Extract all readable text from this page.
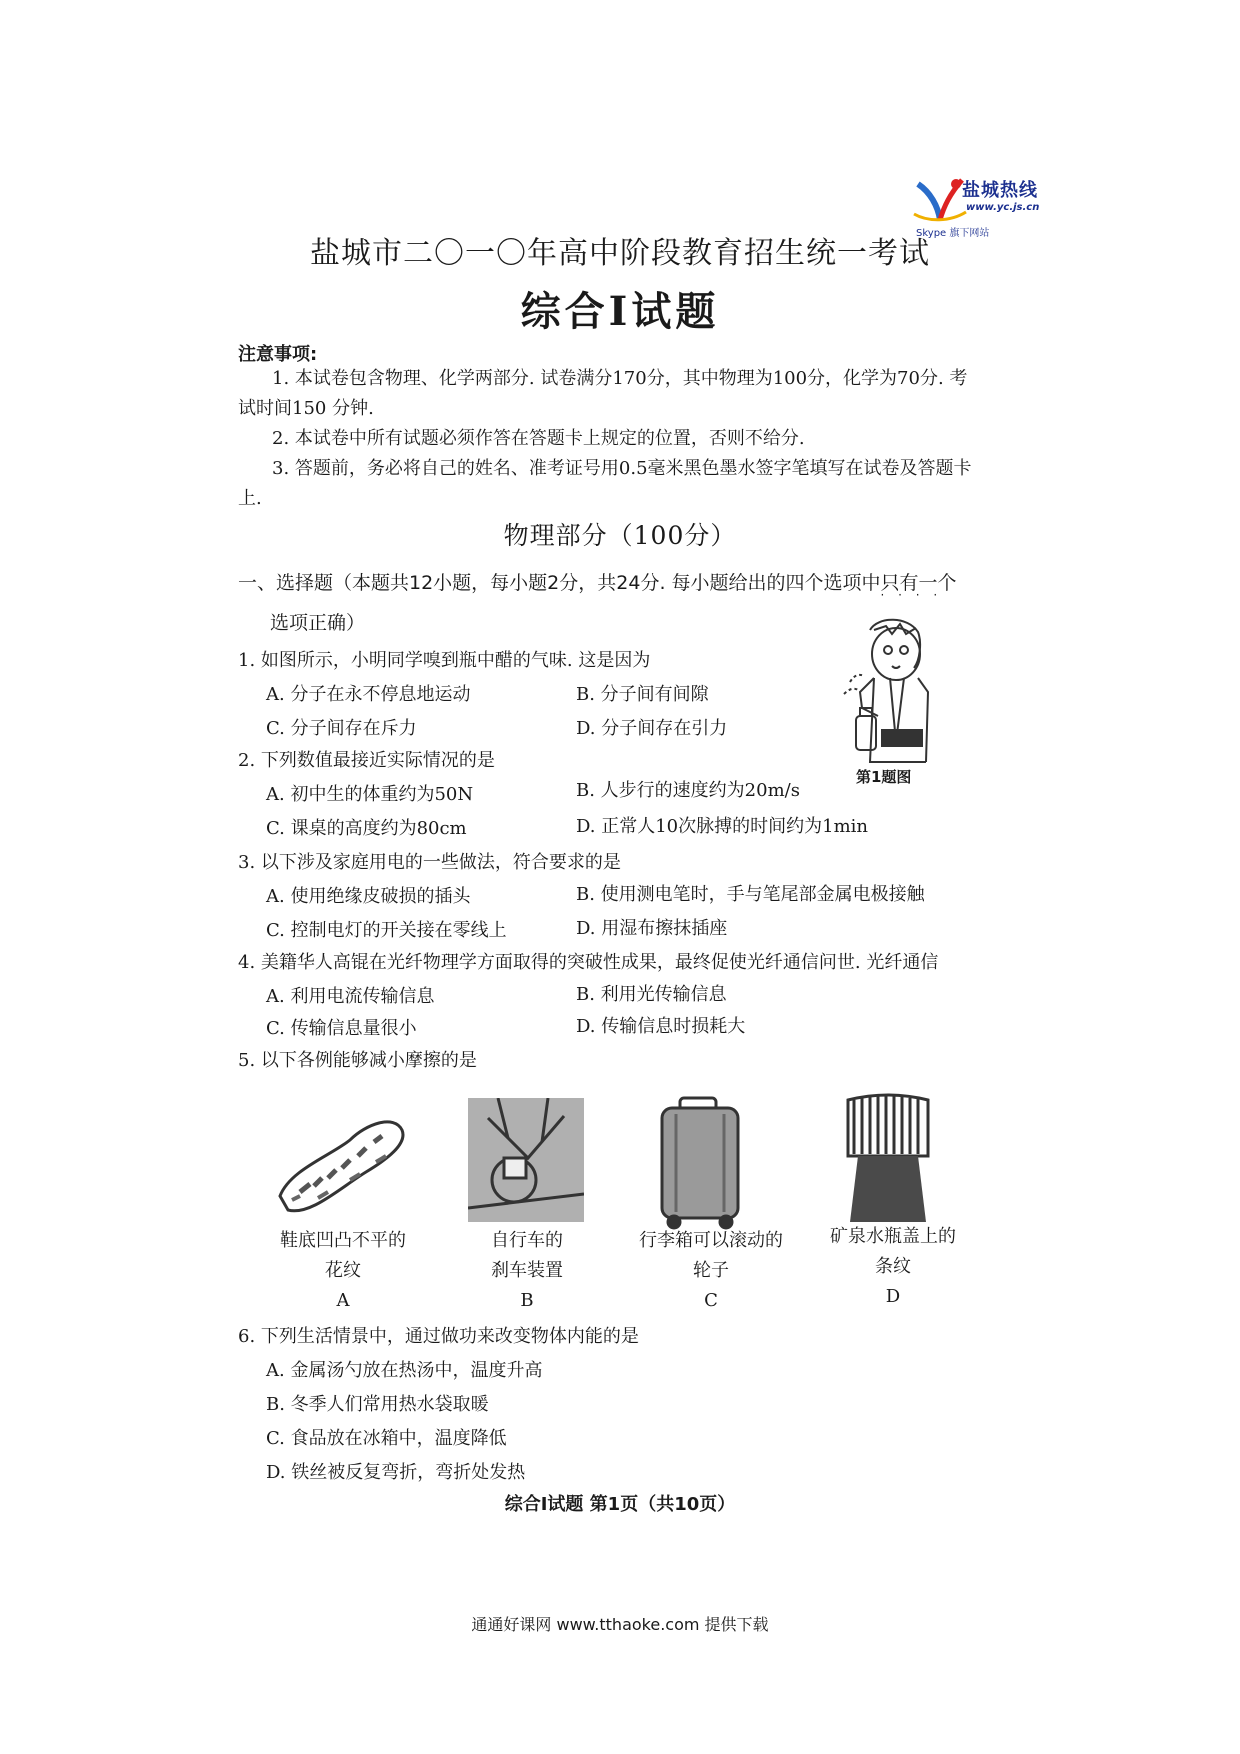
盐城热线
www.yc.js.cn
Skype 旗下网站
盐城市二〇一〇年高中阶段教育招生统一考试
综合Ⅰ试题
注意事项:
1. 本试卷包含物理、化学两部分. 试卷满分170分，其中物理为100分，化学为70分. 考试时间150 分钟.
2. 本试卷中所有试题必须作答在答题卡上规定的位置，否则不给分.
3. 答题前，务必将自己的姓名、准考证号用0.5毫米黑色墨水签字笔填写在试卷及答题卡上.
物理部分（100分）
一、选择题（本题共12小题，每小题2分，共24分. 每小题给出的四个选项中只有一个 · · · ·
选项正确）
1. 如图所示，小明同学嗅到瓶中醋的气味. 这是因为
A. 分子在永不停息地运动	B. 分子间有间隙
C. 分子间存在斥力	D. 分子间存在引力
第1题图
2. 下列数值最接近实际情况的是
A. 初中生的体重约为50N	B. 人步行的速度约为20m/s
C. 课桌的高度约为80cm	D. 正常人10次脉搏的时间约为1min
3. 以下涉及家庭用电的一些做法，符合要求的是
A. 使用绝缘皮破损的插头	B. 使用测电笔时，手与笔尾部金属电极接触
C. 控制电灯的开关接在零线上	D. 用湿布擦抹插座
4. 美籍华人高锟在光纤物理学方面取得的突破性成果，最终促使光纤通信问世. 光纤通信
A. 利用电流传输信息	B. 利用光传输信息
C. 传输信息量很小	D. 传输信息时损耗大
5. 以下各例能够减小摩擦的是
鞋底凹凸不平的
花纹
A
自行车的
刹车装置
B
行李箱可以滚动的
轮子
C
矿泉水瓶盖上的
条纹
D
6. 下列生活情景中，通过做功来改变物体内能的是
A. 金属汤勺放在热汤中，温度升高
B. 冬季人们常用热水袋取暖
C. 食品放在冰箱中，温度降低
D. 铁丝被反复弯折，弯折处发热
综合Ⅰ试题 第1页（共10页）
通通好课网 www.tthaoke.com 提供下载
